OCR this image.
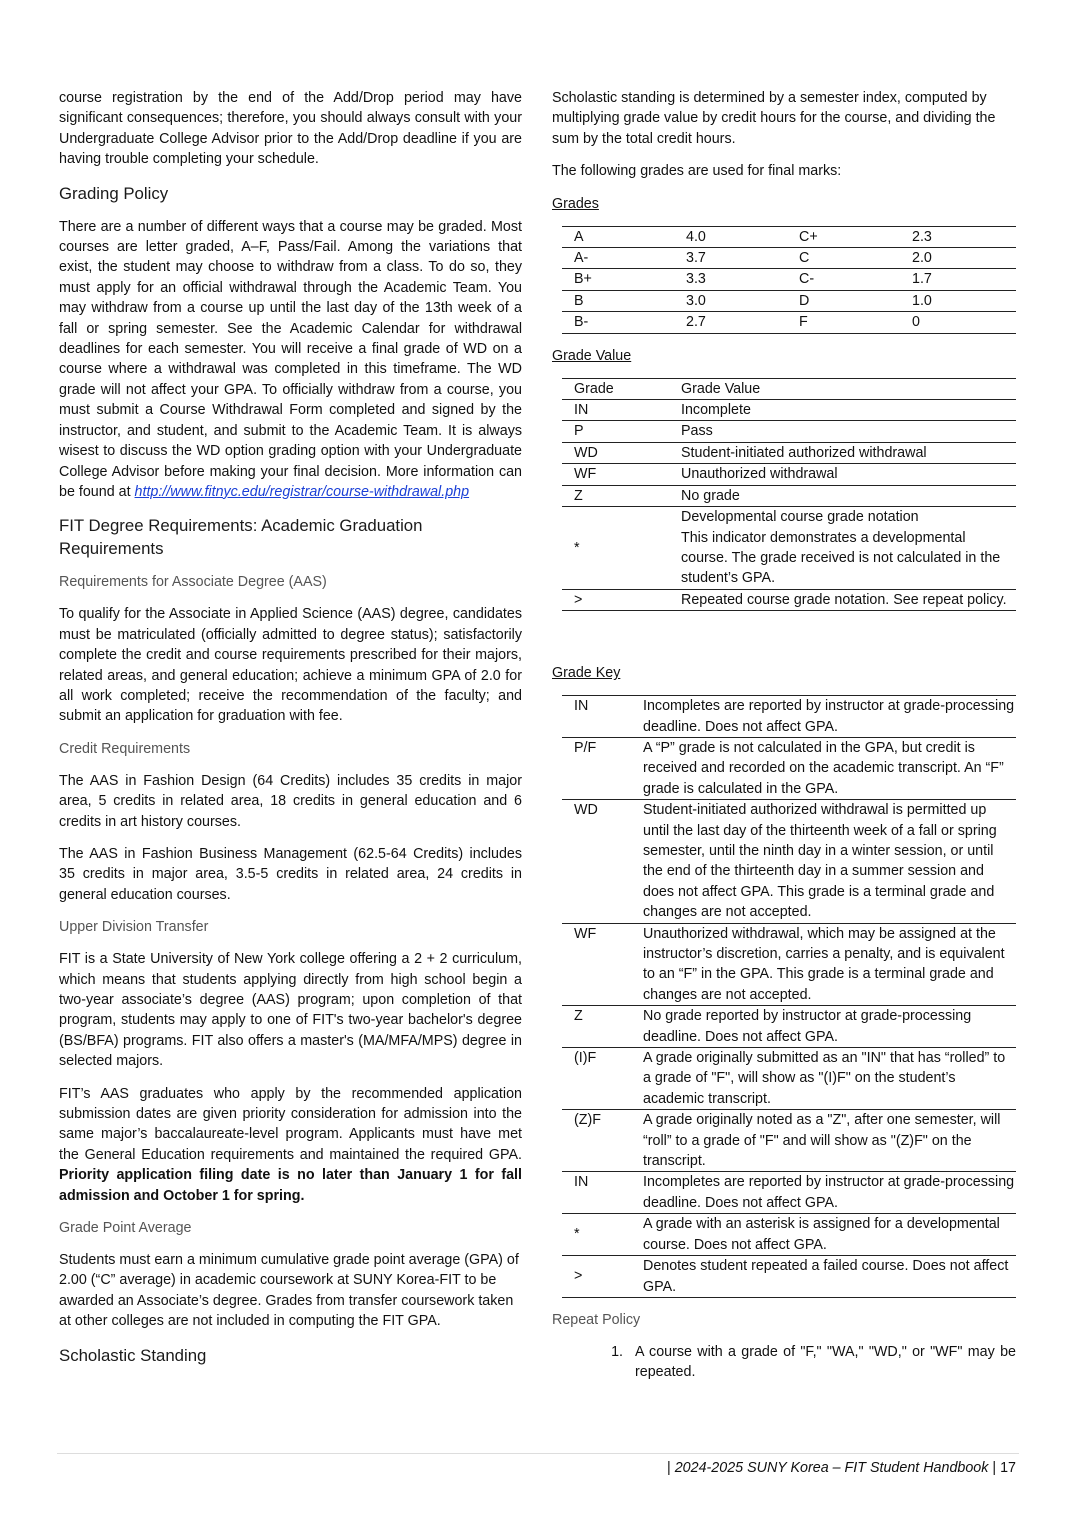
course registration by the end of the Add/Drop period may have significant consequences; therefore, you should always consult with your Undergraduate College Advisor prior to the Add/Drop deadline if you are having trouble completing your schedule.

Grading Policy

There are a number of different ways that a course may be graded. Most courses are letter graded, A–F, Pass/Fail. Among the variations that exist, the student may choose to withdraw from a class. To do so, they must apply for an official withdrawal through the Academic Team. You may withdraw from a course up until the last day of the 13th week of a fall or spring semester. See the Academic Calendar for withdrawal deadlines for each semester. You will receive a final grade of WD on a course where a withdrawal was completed in this timeframe. The WD grade will not affect your GPA. To officially withdraw from a course, you must submit a Course Withdrawal Form completed and signed by the instructor, and student, and submit to the Academic Team. It is always wisest to discuss the WD option grading option with your Undergraduate College Advisor before making your final decision. More information can be found at http://www.fitnyc.edu/registrar/course-withdrawal.php

FIT Degree Requirements: Academic Graduation Requirements
Requirements for Associate Degree (AAS)

To qualify for the Associate in Applied Science (AAS) degree, candidates must be matriculated (officially admitted to degree status); satisfactorily complete the credit and course requirements prescribed for their majors, related areas, and general education; achieve a minimum GPA of 2.0 for all work completed; receive the recommendation of the faculty; and submit an application for graduation with fee.

Credit Requirements

The AAS in Fashion Design (64 Credits) includes 35 credits in major area, 5 credits in related area, 18 credits in general education and 6 credits in art history courses.

The AAS in Fashion Business Management (62.5-64 Credits) includes 35 credits in major area, 3.5-5 credits in related area, 24 credits in general education courses.

Upper Division Transfer

FIT is a State University of New York college offering a 2 + 2 curriculum, which means that students applying directly from high school begin a two-year associate’s degree (AAS) program; upon completion of that program, students may apply to one of FIT's two-year bachelor's degree (BS/BFA) programs. FIT also offers a master's (MA/MFA/MPS) degree in selected majors.

FIT’s AAS graduates who apply by the recommended application submission dates are given priority consideration for admission into the same major’s baccalaureate-level program. Applicants must have met the General Education requirements and maintained the required GPA. Priority application filing date is no later than January 1 for fall admission and October 1 for spring.

Grade Point Average

Students must earn a minimum cumulative grade point average (GPA) of 2.00 (“C” average) in academic coursework at SUNY Korea-FIT to be awarded an Associate’s degree. Grades from transfer coursework taken at other colleges are not included in computing the FIT GPA.

Scholastic Standing

Scholastic standing is determined by a semester index, computed by multiplying grade value by credit hours for the course, and dividing the sum by the total credit hours.

The following grades are used for final marks:

Grades
A	4.0	C+	2.3
A-	3.7	C	2.0
B+	3.3	C-	1.7
B	3.0	D	1.0
B-	2.7	F	0
Grade Value
Grade	Grade Value
IN	Incomplete
P	Pass
WD	Student-initiated authorized withdrawal
WF	Unauthorized withdrawal
Z	No grade
*	Developmental course grade notation
This indicator demonstrates a developmental course. The grade received is not calculated in the student’s GPA.
>	Repeated course grade notation. See repeat policy.
Grade Key
IN	Incompletes are reported by instructor at grade-processing deadline. Does not affect GPA.
P/F	A “P” grade is not calculated in the GPA, but credit is received and recorded on the academic transcript. An “F” grade is calculated in the GPA.
WD	Student-initiated authorized withdrawal is permitted up until the last day of the thirteenth week of a fall or spring semester, until the ninth day in a winter session, or until the end of the thirteenth day in a summer session and does not affect GPA. This grade is a terminal grade and changes are not accepted.
WF	Unauthorized withdrawal, which may be assigned at the instructor’s discretion, carries a penalty, and is equivalent to an “F” in the GPA. This grade is a terminal grade and changes are not accepted.
Z	No grade reported by instructor at grade-processing deadline. Does not affect GPA.
(I)F	A grade originally submitted as an "IN" that has “rolled” to a grade of "F", will show as "(I)F" on the student’s academic transcript.
(Z)F	A grade originally noted as a "Z", after one semester, will “roll” to a grade of "F" and will show as "(Z)F" on the transcript.
IN	Incompletes are reported by instructor at grade-processing deadline. Does not affect GPA.
*	A grade with an asterisk is assigned for a developmental course. Does not affect GPA.
>	Denotes student repeated a failed course. Does not affect GPA.
Repeat Policy
1. A course with a grade of "F," "WA," "WD," or "WF" may be repeated.
| 2024-2025 SUNY Korea – FIT Student Handbook | 17
